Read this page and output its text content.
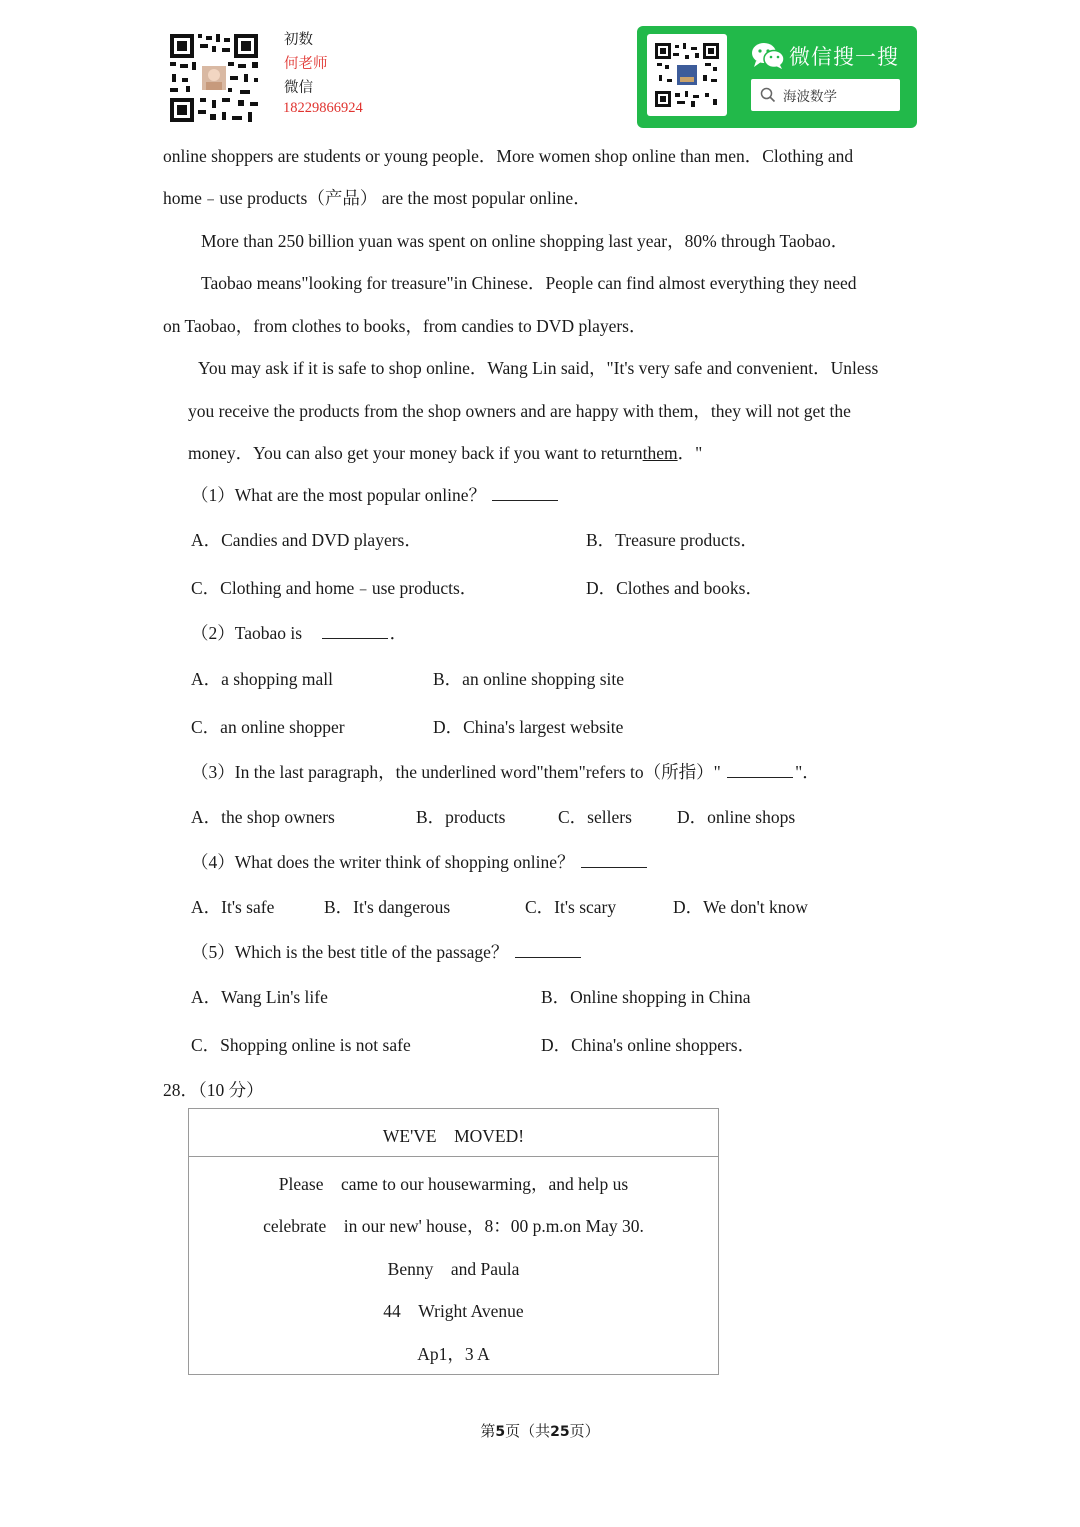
初数
何老师
微信
18229866924
微信搜一搜
海波数学
online shoppers are students or young people．More women shop online than men．Clothing and
home﹣use products（产品） are the most popular online．
More than 250 billion yuan was spent on online shopping last year，80% through Taobao．
Taobao means"looking for treasure"in Chinese．People can find almost everything they need
on Taobao，from clothes to books，from candies to DVD players．
You may ask if it is safe to shop online．Wang Lin said，"It's very safe and convenient．Unless
you receive the products from the shop owners and are happy with them，they will not get the
money．You can also get your money back if you want to returnthem．"
（1）What are the most popular online？
A．Candies and DVD players．	B．Treasure products．
C．Clothing and home﹣use products．	D．Clothes and books．
（2）Taobao is　	．
A．a shopping mall	B．an online shopping site
C．an online shopper	D．China's largest website
（3）In the last paragraph，the underlined word"them"refers to（所指）"	"．
A．the shop owners	B．products	C．sellers	D．online shops
（4）What does the writer think of shopping online？
A．It's safe	B．It's dangerous	C．It's scary	D．We don't know
（5）Which is the best title of the passage？
A．Wang Lin's life	B．Online shopping in China
C．Shopping online is not safe	D．China's online shoppers．
28．（10 分）
WE'VE　MOVED!
Please　came to our housewarming，and help us
celebrate　in our new' house，8：00 p.m.on May 30.
Benny　and Paula
44　Wright Avenue
Ap1，3 A
第5页（共25页）
